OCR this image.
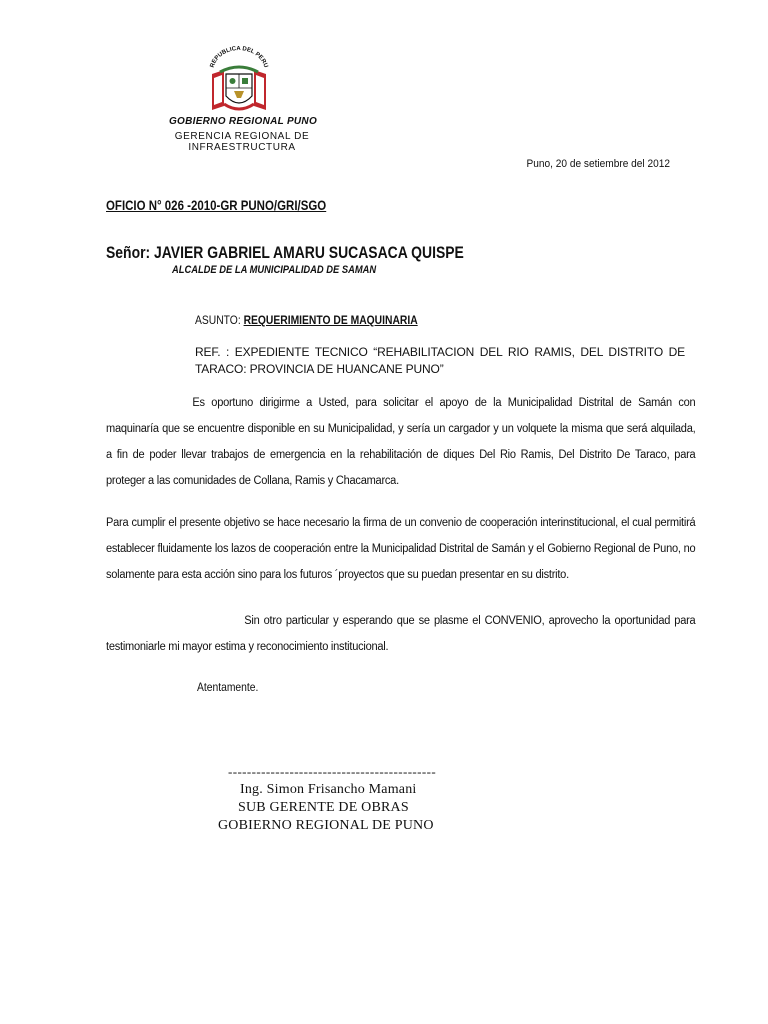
REPUBLICA DEL PERU
GOBIERNO REGIONAL PUNO
GERENCIA REGIONAL DE INFRAESTRUCTURA
Puno, 20 de setiembre del 2012
OFICIO N° 026 -2010-GR PUNO/GRI/SGO
Señor: JAVIER GABRIEL AMARU SUCASACA QUISPE
ALCALDE DE LA MUNICIPALIDAD DE SAMAN
ASUNTO: REQUERIMIENTO DE MAQUINARIA
REF. : EXPEDIENTE TECNICO “REHABILITACION DEL RIO RAMIS, DEL DISTRITO DE TARACO: PROVINCIA DE HUANCANE PUNO”
Es oportuno dirigirme a Usted, para solicitar el apoyo de la Municipalidad Distrital de Samán con maquinaría que se encuentre disponible en su Municipalidad, y sería un cargador y un volquete la misma que será alquilada, a fin de poder llevar trabajos de emergencia en la rehabilitación de diques Del Rio Ramis, Del Distrito De Taraco, para proteger a las comunidades de Collana, Ramis y Chacamarca.
Para cumplir el presente objetivo se hace necesario la firma de un convenio de cooperación interinstitucional, el cual permitirá establecer fluidamente los lazos de cooperación entre la Municipalidad Distrital de Samán y el Gobierno Regional de Puno, no solamente para esta acción sino para los futuros ´proyectos que su puedan presentar en su distrito.
Sin otro particular y esperando que se plasme el CONVENIO, aprovecho la oportunidad para testimoniarle mi mayor estima y reconocimiento institucional.
Atentamente.
--------------------------------------------
Ing. Simon Frisancho Mamani
SUB GERENTE DE OBRAS
GOBIERNO REGIONAL DE PUNO
